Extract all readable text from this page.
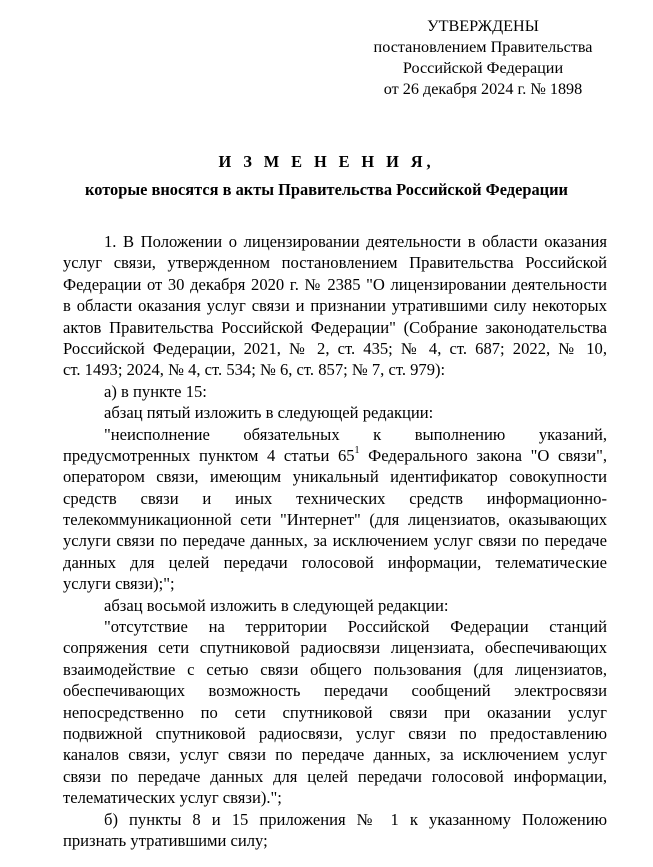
УТВЕРЖДЕНЫ
постановлением Правительства
Российской Федерации
от 26 декабря 2024 г. № 1898
И З М Е Н Е Н И Я,
которые вносятся в акты Правительства Российской Федерации
1. В Положении о лицензировании деятельности в области оказания
услуг связи, утвержденном постановлением Правительства Российской
Федерации от 30 декабря 2020 г. № 2385 "О лицензировании деятельности
в области оказания услуг связи и признании утратившими силу некоторых
актов Правительства Российской Федерации" (Собрание законодательства
Российской Федерации, 2021, № 2, ст. 435; № 4, ст. 687; 2022, № 10,
ст. 1493; 2024, № 4, ст. 534; № 6, ст. 857; № 7, ст. 979):
а) в пункте 15:
абзац пятый изложить в следующей редакции:
"неисполнение обязательных к выполнению указаний,
предусмотренных пунктом 4 статьи $65^1$ Федерального закона "О связи",
оператором связи, имеющим уникальный идентификатор совокупности
средств связи и иных технических средств информационно-
телекоммуникационной сети "Интернет" (для лицензиатов, оказывающих
услуги связи по передаче данных, за исключением услуг связи по передаче
данных для целей передачи голосовой информации, телематические
услуги связи);";
абзац восьмой изложить в следующей редакции:
"отсутствие на территории Российской Федерации станций
сопряжения сети спутниковой радиосвязи лицензиата, обеспечивающих
взаимодействие с сетью связи общего пользования (для лицензиатов,
обеспечивающих возможность передачи сообщений электросвязи
непосредственно по сети спутниковой связи при оказании услуг
подвижной спутниковой радиосвязи, услуг связи по предоставлению
каналов связи, услуг связи по передаче данных, за исключением услуг
связи по передаче данных для целей передачи голосовой информации,
телематических услуг связи).";
б) пункты 8 и 15 приложения № 1 к указанному Положению
признать утратившими силу;
